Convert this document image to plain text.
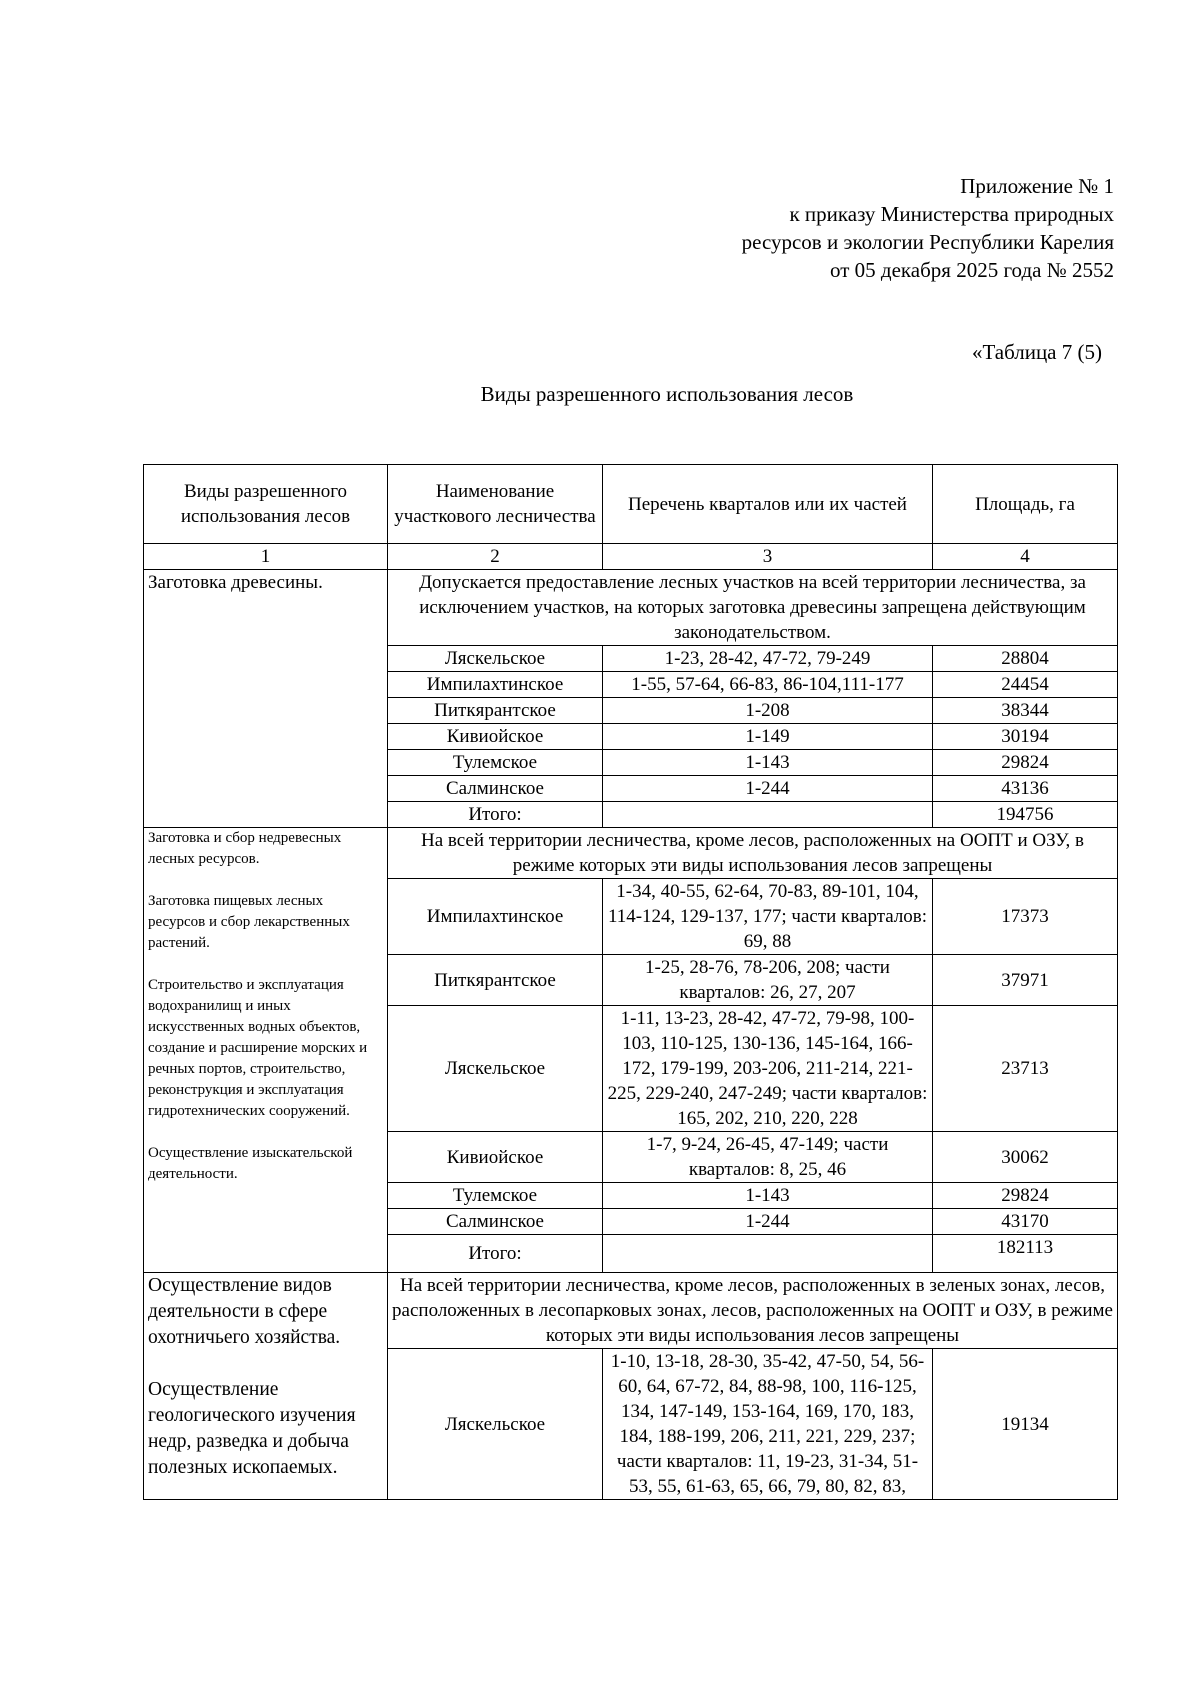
Приложение № 1
к приказу Министерства природных
ресурсов и экологии Республики Карелия
от 05 декабря 2025 года № 2552
«Таблица 7 (5)
Виды разрешенного использования лесов
Виды разрешенного использования лесов	Наименование участкового лесничества	Перечень кварталов или их частей	Площадь, га
1	2	3	4
Заготовка древесины.	Допускается предоставление лесных участков на всей территории лесничества, за исключением участков, на которых заготовка древесины запрещена действующим законодательством.		
	Ляскельское	1-23, 28-42, 47-72, 79-249	28804
	Импилахтинское	1-55, 57-64, 66-83, 86-104,111-177	24454
	Питкярантское	1-208	38344
	Кивиойское	1-149	30194
	Тулемское	1-143	29824
	Салминское	1-244	43136
	Итого:		194756

Заготовка и сбор недревесных лесных ресурсов.
Заготовка пищевых лесных ресурсов и сбор лекарственных растений.
Строительство и эксплуатация водохранилищ и иных искусственных водных объектов, создание и расширение морских и речных портов, строительство, реконструкция и эксплуатация гидротехнических сооружений.
Осуществление изыскательской деятельности.	На всей территории лесничества, кроме лесов, расположенных на ООПТ и ОЗУ, в режиме которых эти виды использования лесов запрещены		
	Импилахтинское	1-34, 40-55, 62-64, 70-83, 89-101, 104, 114-124, 129-137, 177; части кварталов: 69, 88	17373
	Питкярантское	1-25, 28-76, 78-206, 208; части кварталов: 26, 27, 207	37971
	Ляскельское	1-11, 13-23, 28-42, 47-72, 79-98, 100-103, 110-125, 130-136, 145-164, 166-172, 179-199, 203-206, 211-214, 221-225, 229-240, 247-249; части кварталов: 165, 202, 210, 220, 228	23713
	Кивиойское	1-7, 9-24, 26-45, 47-149; части кварталов: 8, 25, 46	30062
	Тулемское	1-143	29824
	Салминское	1-244	43170
	Итого:		182113

Осуществление видов деятельности в сфере охотничьего хозяйства.
Осуществление геологического изучения недр, разведка и добыча полезных ископаемых.	На всей территории лесничества, кроме лесов, расположенных в зеленых зонах, лесов, расположенных в лесопарковых зонах, лесов, расположенных на ООПТ и ОЗУ, в режиме которых эти виды использования лесов запрещены		
	Ляскельское	1-10, 13-18, 28-30, 35-42, 47-50, 54, 56-60, 64, 67-72, 84, 88-98, 100, 116-125, 134, 147-149, 153-164, 169, 170, 183, 184, 188-199, 206, 211, 221, 229, 237; части кварталов: 11, 19-23, 31-34, 51-53, 55, 61-63, 65, 66, 79, 80, 82, 83,	19134
